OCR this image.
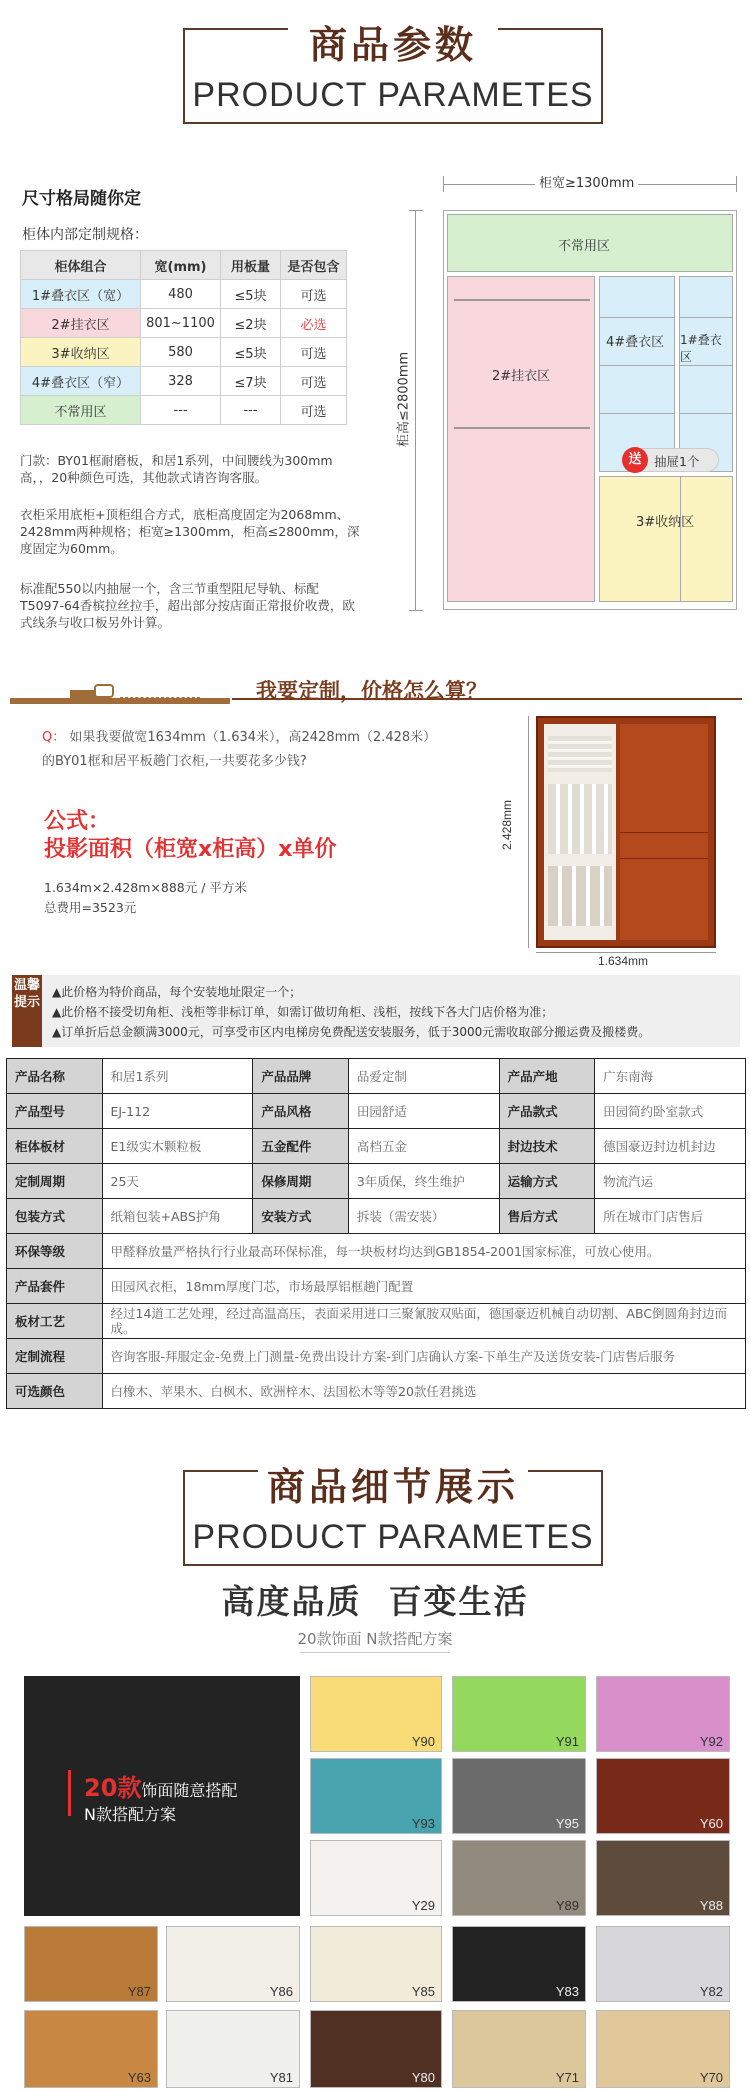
商品参数
PRODUCT PARAMETES
尺寸格局随你定
柜体内部定制规格：
柜体组合	宽(mm)	用板量	是否包含
1#叠衣区（宽）	480	≤5块	可选
2#挂衣区	801~1100	≤2块	必选
3#收纳区	580	≤5块	可选
4#叠衣区（窄）	328	≤7块	可选
不常用区	---	---	可选
门款：BY01框耐磨板，和居1系列，中间腰线为300mm高，，20种颜色可选，其他款式请咨询客服。
衣柜采用底柜+顶柜组合方式，底柜高度固定为2068mm、2428mm两种规格；柜宽≥1300mm，柜高≤2800mm，深度固定为60mm。
标准配550以内抽屉一个，含三节重型阻尼导轨、标配T5097-64香槟拉丝拉手，超出部分按店面正常报价收费，欧式线条与收口板另外计算。
柜宽≥1300mm
柜高≤2800mm
不常用区
2#挂衣区
4#叠衣区 1#叠衣区
3#收纳区
送	抽屉1个
我要定制，价格怎么算？
Q： 如果我要做宽1634mm（1.634米），高2428mm（2.428米）
的BY01框和居平板趟门衣柜,一共要花多少钱?
公式：
投影面积（柜宽x柜高）x单价
1.634m×2.428m×888元 / 平方米
总费用=3523元
2.428mm
1.634mm
温馨提示
▲此价格为特价商品，每个安装地址限定一个；
▲此价格不接受切角柜、浅柜等非标订单，如需订做切角柜、浅柜，按线下各大门店价格为准；
▲订单折后总金额满3000元，可享受市区内电梯房免费配送安装服务，低于3000元需收取部分搬运费及搬楼费。
产品名称	和居1系列	产品品牌	品爱定制	产品产地	广东南海
产品型号	EJ-112	产品风格	田园舒适	产品款式	田园简约卧室款式
柜体板材	E1级实木颗粒板	五金配件	高档五金	封边技术	德国豪迈封边机封边
定制周期	25天	保修周期	3年质保，终生维护	运输方式	物流汽运
包装方式	纸箱包装+ABS护角	安装方式	拆装（需安装）	售后方式	所在城市门店售后
环保等级	甲醛释放量严格执行行业最高环保标准，每一块板材均达到GB1854-2001国家标准，可放心使用。				
产品套件	田园风衣柜，18mm厚度门芯，市场最厚铝框趟门配置				
板材工艺	经过14道工艺处理，经过高温高压，表面采用进口三聚氰胺双贴面，德国豪迈机械自动切割、ABC倒圆角封边而成。				
定制流程	咨询客服-拜服定金-免费上门测量-免费出设计方案-到门店确认方案-下单生产及送货安装-门店售后服务				
可选颜色	白橡木、苹果木、白枫木、欧洲梓木、法国松木等等20款任君挑选				
商品细节展示
PRODUCT PARAMETES
高度品质  百变生活
20款饰面 N款搭配方案
20款饰面随意搭配
N款搭配方案
Y90	Y91	Y92
Y93	Y95	Y60
Y29	Y89	Y88
Y87	Y86	Y85	Y83	Y82
Y63	Y81	Y80	Y71	Y70
